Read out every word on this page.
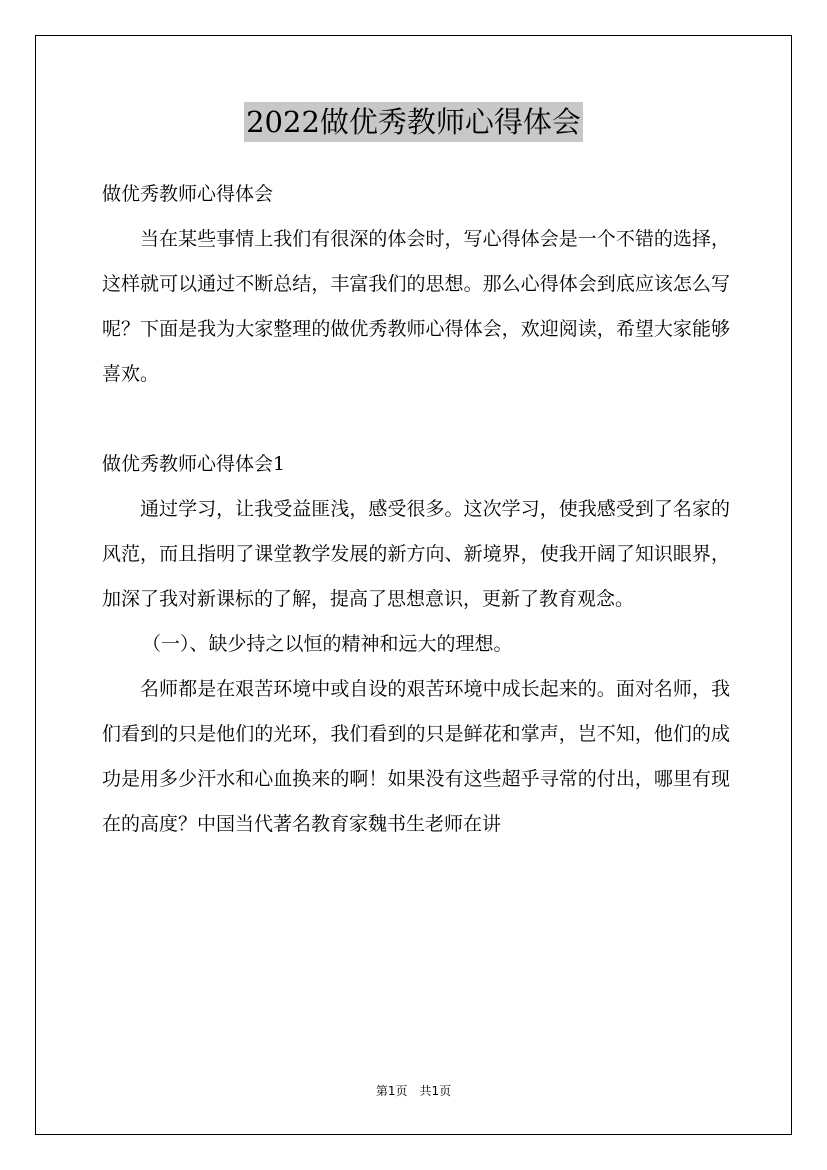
2022做优秀教师心得体会

做优秀教师心得体会

当在某些事情上我们有很深的体会时，写心得体会是一个不错的选择，这样就可以通过不断总结，丰富我们的思想。那么心得体会到底应该怎么写呢？下面是我为大家整理的做优秀教师心得体会，欢迎阅读，希望大家能够喜欢。

做优秀教师心得体会1

通过学习，让我受益匪浅，感受很多。这次学习，使我感受到了名家的风范，而且指明了课堂教学发展的新方向、新境界，使我开阔了知识眼界，加深了我对新课标的了解，提高了思想意识，更新了教育观念。

（一）、缺少持之以恒的精神和远大的理想。

名师都是在艰苦环境中或自设的艰苦环境中成长起来的。面对名师，我们看到的只是他们的光环，我们看到的只是鲜花和掌声，岂不知，他们的成功是用多少汗水和心血换来的啊！如果没有这些超乎寻常的付出，哪里有现在的高度？中国当代著名教育家魏书生老师在讲

第1页　共1页
